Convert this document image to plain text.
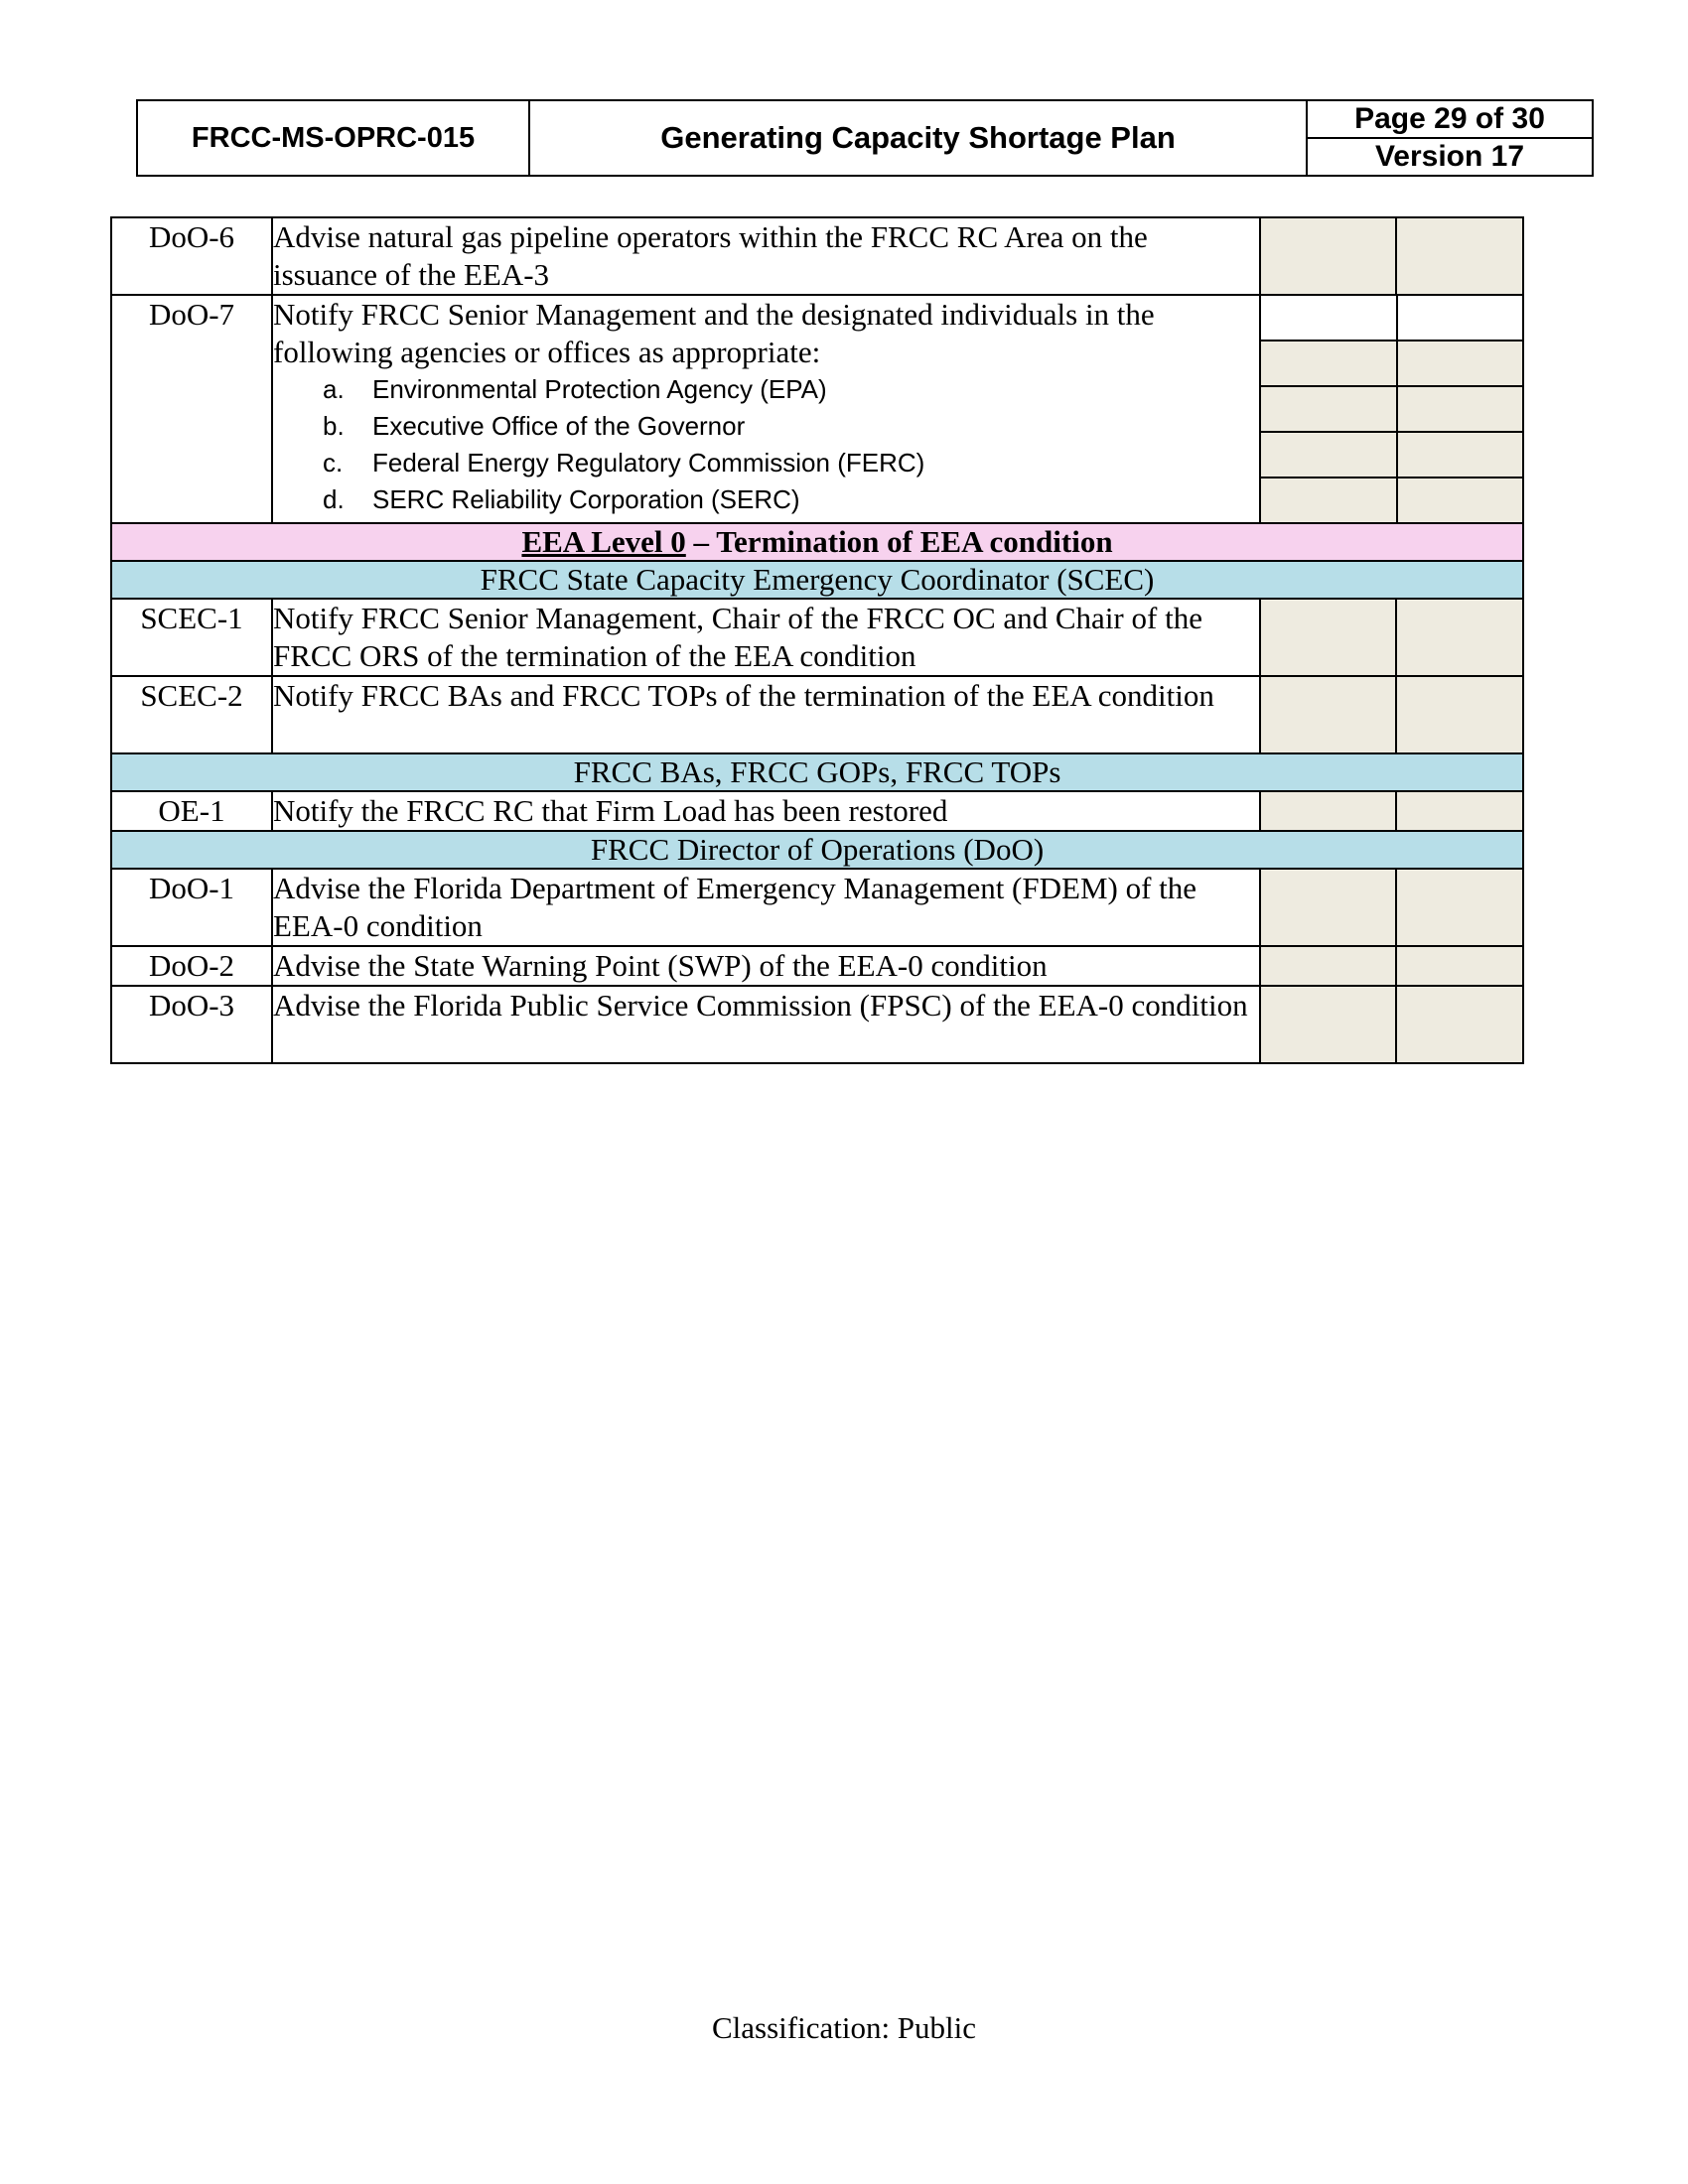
FRCC-MS-OPRC-015	Generating Capacity Shortage Plan
Page 29 of 30
Version 17
DoO-6	Advise natural gas pipeline operators within the FRCC RC Area on the issuance of the EEA-3		
DoO-7	Notify FRCC Senior Management and the designated individuals in the following agencies or offices as appropriate:
a.	Environmental Protection Agency (EPA)
b.	Executive Office of the Governor
c.	Federal Energy Regulatory Commission (FERC)
d.	SERC Reliability Corporation (SERC)

EEA Level 0 – Termination of EEA condition
FRCC State Capacity Emergency Coordinator (SCEC)
SCEC-1	Notify FRCC Senior Management, Chair of the FRCC OC and Chair of the FRCC ORS of the termination of the EEA condition		
SCEC-2	Notify FRCC BAs and FRCC TOPs of the termination of the EEA condition		
FRCC BAs, FRCC GOPs, FRCC TOPs
OE-1	Notify the FRCC RC that Firm Load has been restored		
FRCC Director of Operations (DoO)
DoO-1	Advise the Florida Department of Emergency Management (FDEM) of the EEA-0 condition		
DoO-2	Advise the State Warning Point (SWP) of the EEA-0 condition		
DoO-3	Advise the Florida Public Service Commission (FPSC) of the EEA-0 condition		
Classification: Public
